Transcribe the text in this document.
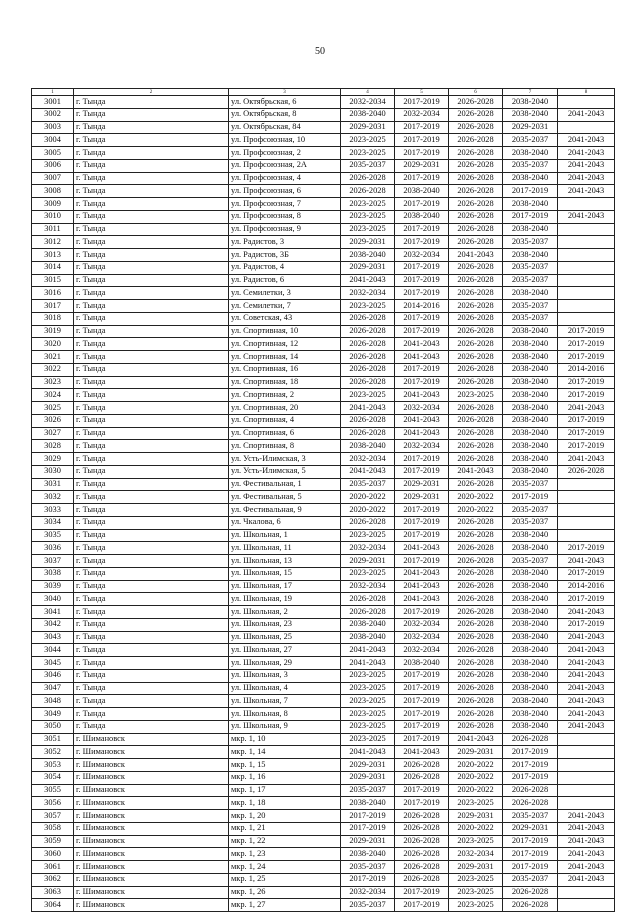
50
1	2	3	4	5	6	7	8
3001	г. Тында	ул. Октябрьская, 6	2032-2034	2017-2019	2026-2028	2038-2040	
3002	г. Тында	ул. Октябрьская, 8	2038-2040	2032-2034	2026-2028	2038-2040	2041-2043
3003	г. Тында	ул. Октябрьская, 84	2029-2031	2017-2019	2026-2028	2029-2031	
3004	г. Тында	ул. Профсоюзная, 10	2023-2025	2017-2019	2026-2028	2035-2037	2041-2043
3005	г. Тында	ул. Профсоюзная, 2	2023-2025	2017-2019	2026-2028	2038-2040	2041-2043
3006	г. Тында	ул. Профсоюзная, 2А	2035-2037	2029-2031	2026-2028	2035-2037	2041-2043
3007	г. Тында	ул. Профсоюзная, 4	2026-2028	2017-2019	2026-2028	2038-2040	2041-2043
3008	г. Тында	ул. Профсоюзная, 6	2026-2028	2038-2040	2026-2028	2017-2019	2041-2043
3009	г. Тында	ул. Профсоюзная, 7	2023-2025	2017-2019	2026-2028	2038-2040	
3010	г. Тында	ул. Профсоюзная, 8	2023-2025	2038-2040	2026-2028	2017-2019	2041-2043
3011	г. Тында	ул. Профсоюзная, 9	2023-2025	2017-2019	2026-2028	2038-2040	
3012	г. Тында	ул. Радистов, 3	2029-2031	2017-2019	2026-2028	2035-2037	
3013	г. Тында	ул. Радистов, 3Б	2038-2040	2032-2034	2041-2043	2038-2040	
3014	г. Тында	ул. Радистов, 4	2029-2031	2017-2019	2026-2028	2035-2037	
3015	г. Тында	ул. Радистов, 6	2041-2043	2017-2019	2026-2028	2035-2037	
3016	г. Тында	ул. Семилетки, 3	2032-2034	2017-2019	2026-2028	2038-2040	
3017	г. Тында	ул. Семилетки, 7	2023-2025	2014-2016	2026-2028	2035-2037	
3018	г. Тында	ул. Советская, 43	2026-2028	2017-2019	2026-2028	2035-2037	
3019	г. Тында	ул. Спортивная, 10	2026-2028	2017-2019	2026-2028	2038-2040	2017-2019
3020	г. Тында	ул. Спортивная, 12	2026-2028	2041-2043	2026-2028	2038-2040	2017-2019
3021	г. Тында	ул. Спортивная, 14	2026-2028	2041-2043	2026-2028	2038-2040	2017-2019
3022	г. Тында	ул. Спортивная, 16	2026-2028	2017-2019	2026-2028	2038-2040	2014-2016
3023	г. Тында	ул. Спортивная, 18	2026-2028	2017-2019	2026-2028	2038-2040	2017-2019
3024	г. Тында	ул. Спортивная, 2	2023-2025	2041-2043	2023-2025	2038-2040	2017-2019
3025	г. Тында	ул. Спортивная, 20	2041-2043	2032-2034	2026-2028	2038-2040	2041-2043
3026	г. Тында	ул. Спортивная, 4	2026-2028	2041-2043	2026-2028	2038-2040	2017-2019
3027	г. Тында	ул. Спортивная, 6	2026-2028	2041-2043	2026-2028	2038-2040	2017-2019
3028	г. Тында	ул. Спортивная, 8	2038-2040	2032-2034	2026-2028	2038-2040	2017-2019
3029	г. Тында	ул. Усть-Илимская, 3	2032-2034	2017-2019	2026-2028	2038-2040	2041-2043
3030	г. Тында	ул. Усть-Илимская, 5	2041-2043	2017-2019	2041-2043	2038-2040	2026-2028
3031	г. Тында	ул. Фестивальная, 1	2035-2037	2029-2031	2026-2028	2035-2037	
3032	г. Тында	ул. Фестивальная, 5	2020-2022	2029-2031	2020-2022	2017-2019	
3033	г. Тында	ул. Фестивальная, 9	2020-2022	2017-2019	2020-2022	2035-2037	
3034	г. Тында	ул. Чкалова, 6	2026-2028	2017-2019	2026-2028	2035-2037	
3035	г. Тында	ул. Школьная, 1	2023-2025	2017-2019	2026-2028	2038-2040	
3036	г. Тында	ул. Школьная, 11	2032-2034	2041-2043	2026-2028	2038-2040	2017-2019
3037	г. Тында	ул. Школьная, 13	2029-2031	2017-2019	2026-2028	2035-2037	2041-2043
3038	г. Тында	ул. Школьная, 15	2023-2025	2041-2043	2026-2028	2038-2040	2017-2019
3039	г. Тында	ул. Школьная, 17	2032-2034	2041-2043	2026-2028	2038-2040	2014-2016
3040	г. Тында	ул. Школьная, 19	2026-2028	2041-2043	2026-2028	2038-2040	2017-2019
3041	г. Тында	ул. Школьная, 2	2026-2028	2017-2019	2026-2028	2038-2040	2041-2043
3042	г. Тында	ул. Школьная, 23	2038-2040	2032-2034	2026-2028	2038-2040	2017-2019
3043	г. Тында	ул. Школьная, 25	2038-2040	2032-2034	2026-2028	2038-2040	2041-2043
3044	г. Тында	ул. Школьная, 27	2041-2043	2032-2034	2026-2028	2038-2040	2041-2043
3045	г. Тында	ул. Школьная, 29	2041-2043	2038-2040	2026-2028	2038-2040	2041-2043
3046	г. Тында	ул. Школьная, 3	2023-2025	2017-2019	2026-2028	2038-2040	2041-2043
3047	г. Тында	ул. Школьная, 4	2023-2025	2017-2019	2026-2028	2038-2040	2041-2043
3048	г. Тында	ул. Школьная, 7	2023-2025	2017-2019	2026-2028	2038-2040	2041-2043
3049	г. Тында	ул. Школьная, 8	2023-2025	2017-2019	2026-2028	2038-2040	2041-2043
3050	г. Тында	ул. Школьная, 9	2023-2025	2017-2019	2026-2028	2038-2040	2041-2043
3051	г. Шимановск	мкр. 1, 10	2023-2025	2017-2019	2041-2043	2026-2028	
3052	г. Шимановск	мкр. 1, 14	2041-2043	2041-2043	2029-2031	2017-2019	
3053	г. Шимановск	мкр. 1, 15	2029-2031	2026-2028	2020-2022	2017-2019	
3054	г. Шимановск	мкр. 1, 16	2029-2031	2026-2028	2020-2022	2017-2019	
3055	г. Шимановск	мкр. 1, 17	2035-2037	2017-2019	2020-2022	2026-2028	
3056	г. Шимановск	мкр. 1, 18	2038-2040	2017-2019	2023-2025	2026-2028	
3057	г. Шимановск	мкр. 1, 20	2017-2019	2026-2028	2029-2031	2035-2037	2041-2043
3058	г. Шимановск	мкр. 1, 21	2017-2019	2026-2028	2020-2022	2029-2031	2041-2043
3059	г. Шимановск	мкр. 1, 22	2029-2031	2026-2028	2023-2025	2017-2019	2041-2043
3060	г. Шимановск	мкр. 1, 23	2038-2040	2026-2028	2032-2034	2017-2019	2041-2043
3061	г. Шимановск	мкр. 1, 24	2035-2037	2026-2028	2029-2031	2017-2019	2041-2043
3062	г. Шимановск	мкр. 1, 25	2017-2019	2026-2028	2023-2025	2035-2037	2041-2043
3063	г. Шимановск	мкр. 1, 26	2032-2034	2017-2019	2023-2025	2026-2028	
3064	г. Шимановск	мкр. 1, 27	2035-2037	2017-2019	2023-2025	2026-2028	
